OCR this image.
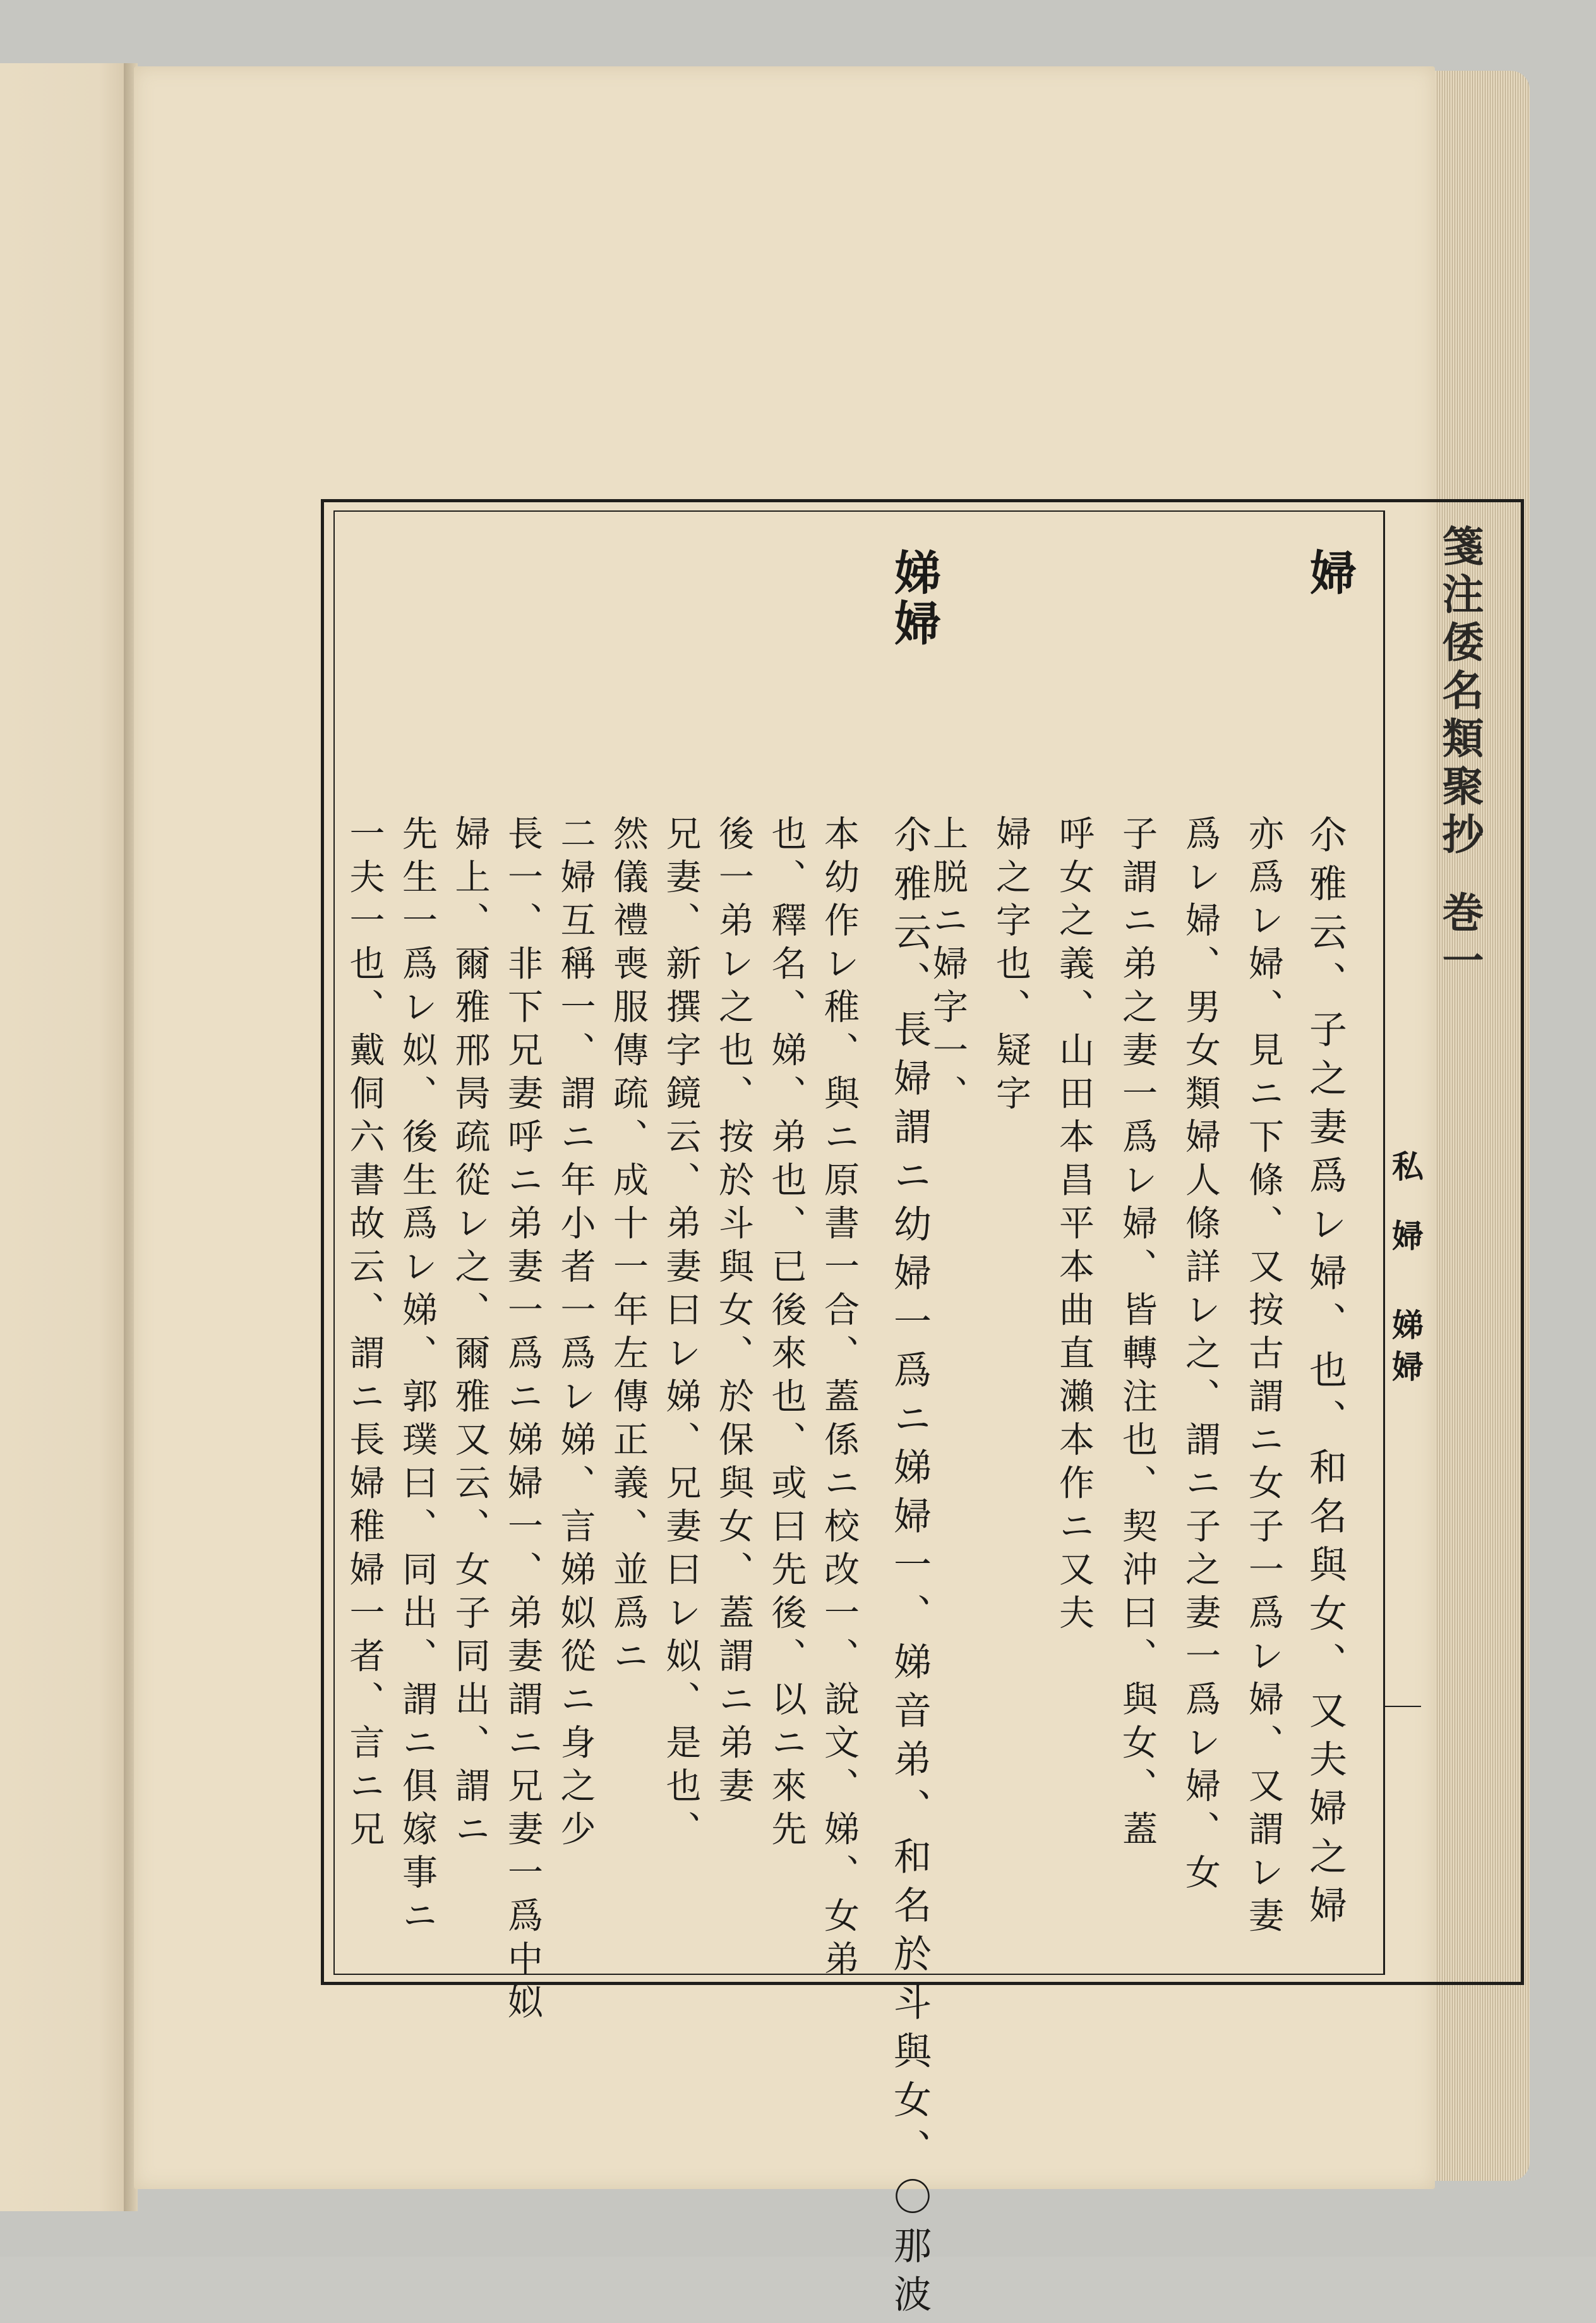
箋注倭名類聚抄
巻一
私
婦 娣婦
婦
尒雅云、子之妻爲レ婦、也、和名與女、又夫婦之婦
亦爲レ婦、見ニ下條、又按古謂ニ女子一爲レ婦、又謂レ妻
爲レ婦、男女類婦人條詳レ之、謂ニ子之妻一爲レ婦、女
子謂ニ弟之妻一爲レ婦、皆轉注也、契沖曰、與女、蓋
呼女之義、山田本昌平本曲直瀨本作ニ又夫
婦之字也、疑字
上脱ニ婦字一、
娣婦
尒雅云、長婦謂ニ幼婦一爲ニ娣婦一、娣音弟、和名於斗與女、〇那波
本幼作レ稚、與ニ原書一合、蓋係ニ校改一、說文、娣、女弟
也、釋名、娣、弟也、已後來也、或曰先後、以ニ來先
後一弟レ之也、按於斗與女、於保與女、蓋謂ニ弟妻
兄妻、新撰字鏡云、弟妻曰レ娣、兄妻曰レ姒、是也、
然儀禮喪服傳疏、成十一年左傳正義、並爲ニ
二婦互稱一、謂ニ年小者一爲レ娣、言娣姒從ニ身之少
長一、非下兄妻呼ニ弟妻一爲ニ娣婦一、弟妻謂ニ兄妻一爲中姒
婦上、爾雅邢昺疏從レ之、爾雅又云、女子同出、謂ニ
先生一爲レ姒、後生爲レ娣、郭璞曰、同出、謂ニ俱嫁事ニ
一夫一也、戴侗六書故云、謂ニ長婦稚婦一者、言ニ兄
